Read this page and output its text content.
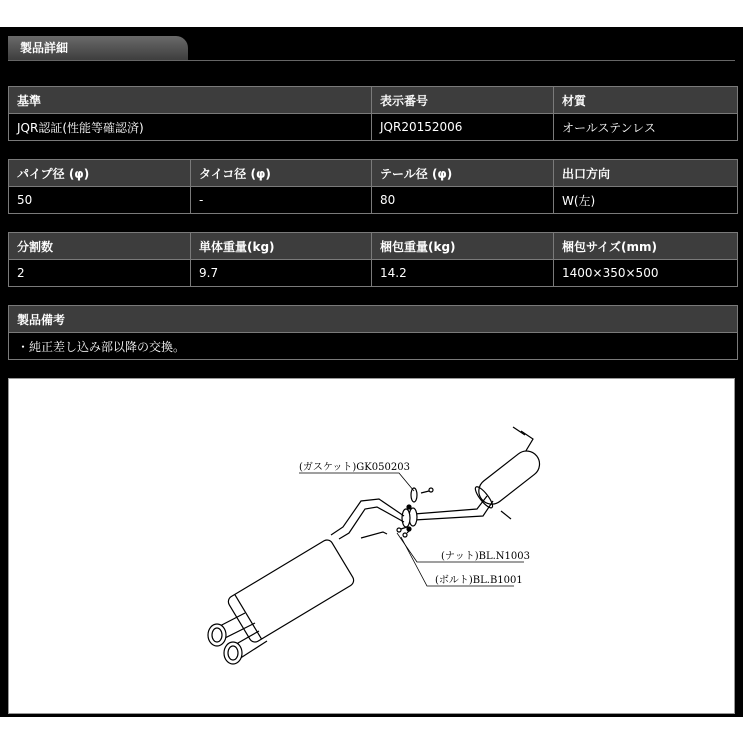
製品詳細
基準	表示番号	材質
JQR認証(性能等確認済)	JQR20152006	オールステンレス
パイプ径 (φ)	タイコ径 (φ)	テール径 (φ)	出口方向
50	-	80	W(左)
分割数	単体重量(kg)	梱包重量(kg)	梱包サイズ(mm)
2	9.7	14.2	1400×350×500
製品備考
・純正差し込み部以降の交換。
(ガスケット)GK050203
(ナット)BL.N1003
(ボルト)BL.B1001
